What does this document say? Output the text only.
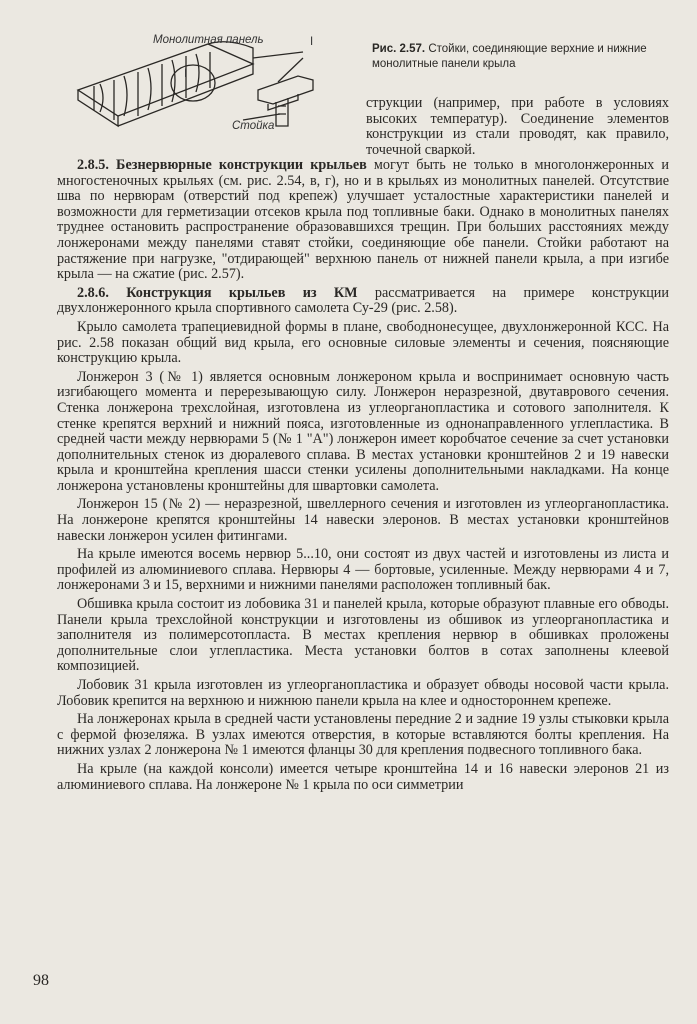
Монолитная панель	I
I
Стойка
Рис. 2.57. Стойки, соединяющие верхние и нижние монолитные панели крыла

струкции (например, при работе в условиях высоких температур). Соединение элементов конструкции из стали проводят, как правило, точечной сваркой.

2.8.5. Безнервюрные конструкции крыльев могут быть не только в многолонжеронных и многостеночных крыльях (см. рис. 2.54, в, г), но и в крыльях из монолитных панелей. Отсутствие шва по нервюрам (отверстий под крепеж) улучшает усталостные характеристики панелей и возможности для герметизации отсеков крыла под топливные баки. Однако в монолитных панелях труднее остановить распространение образовавшихся трещин. При больших расстояниях между лонжеронами между панелями ставят стойки, соединяющие обе панели. Стойки работают на растяжение при нагрузке, "отдирающей" верхнюю панель от нижней панели крыла, а при изгибе крыла — на сжатие (рис. 2.57).

2.8.6. Конструкция крыльев из КМ рассматривается на примере конструкции двухлонжеронного крыла спортивного самолета Су-29 (рис. 2.58).

Крыло самолета трапециевидной формы в плане, свободнонесущее, двухлонжеронной КСС. На рис. 2.58 показан общий вид крыла, его основные силовые элементы и сечения, поясняющие конструкцию крыла.

Лонжерон 3 (№ 1) является основным лонжероном крыла и воспринимает основную часть изгибающего момента и перерезывающую силу. Лонжерон неразрезной, двутаврового сечения. Стенка лонжерона трехслойная, изготовлена из углеорганопластика и сотового заполнителя. К стенке крепятся верхний и нижний пояса, изготовленные из однонаправленного углепластика. В средней части между нервюрами 5 (№ 1 "А") лонжерон имеет коробчатое сечение за счет установки дополнительных стенок из дюралевого сплава. В местах установки кронштейнов 2 и 19 навески крыла и кронштейна крепления шасси стенки усилены дополнительными накладками. На конце лонжерона установлены кронштейны для швартовки самолета.

Лонжерон 15 (№ 2) — неразрезной, швеллерного сечения и изготовлен из углеорганопластика. На лонжероне крепятся кронштейны 14 навески элеронов. В местах установки кронштейнов навески лонжерон усилен фитингами.

На крыле имеются восемь нервюр 5...10, они состоят из двух частей и изготовлены из листа и профилей из алюминиевого сплава. Нервюры 4 — бортовые, усиленные. Между нервюрами 4 и 7, лонжеронами 3 и 15, верхними и нижними панелями расположен топливный бак.

Обшивка крыла состоит из лобовика 31 и панелей крыла, которые образуют плавные его обводы. Панели крыла трехслойной конструкции и изготовлены из обшивок из углеорганопластика и заполнителя из полимерсотопласта. В местах крепления нервюр в обшивках проложены дополнительные слои углепластика. Места установки болтов в сотах заполнены клеевой композицией.

Лобовик 31 крыла изготовлен из углеорганопластика и образует обводы носовой части крыла. Лобовик крепится на верхнюю и нижнюю панели крыла на клее и одностороннем крепеже.

На лонжеронах крыла в средней части установлены передние 2 и задние 19 узлы стыковки крыла с фермой фюзеляжа. В узлах имеются отверстия, в которые вставляются болты крепления. На нижних узлах 2 лонжерона № 1 имеются фланцы 30 для крепления подвесного топливного бака.

На крыле (на каждой консоли) имеется четыре кронштейна 14 и 16 навески элеронов 21 из алюминиевого сплава. На лонжероне № 1 крыла по оси симметрии

98
